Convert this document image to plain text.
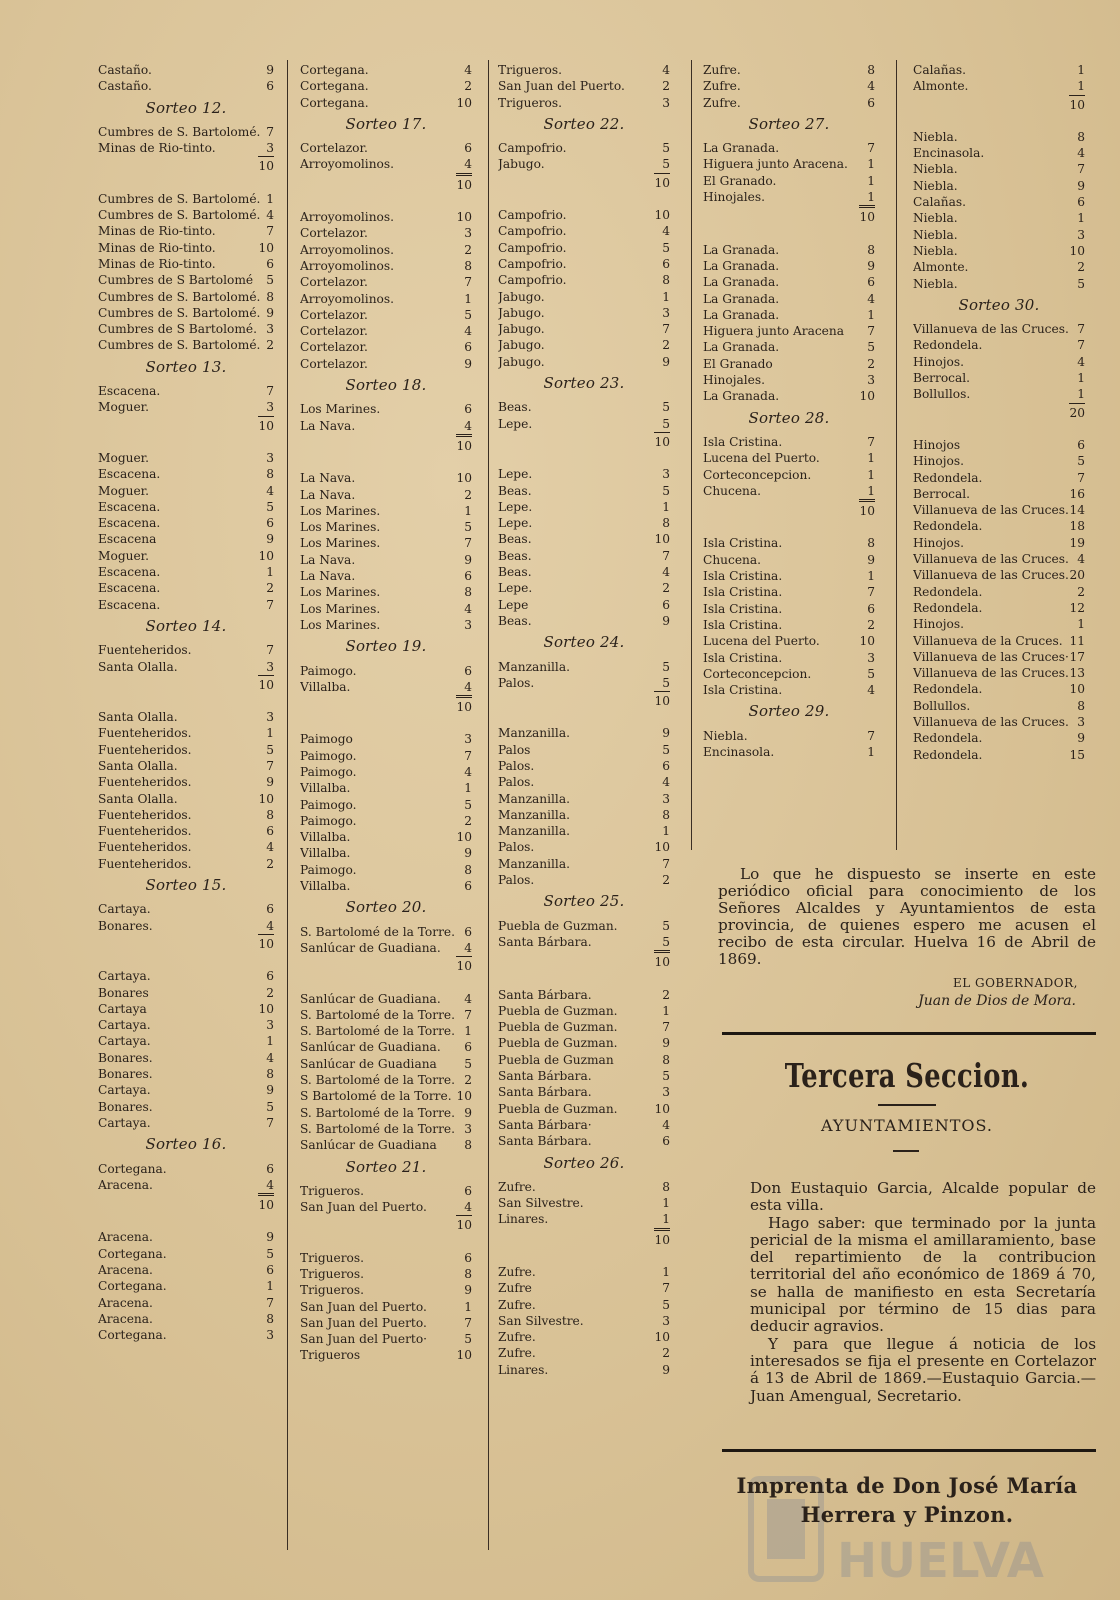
Castaño.	9
Castaño.	6
Sorteo 12.
Cumbres de S. Bartolomé. 7
Minas de Rio-tinto.	3
10
Cumbres de S. Bartolomé. 1
Cumbres de S. Bartolomé. 4
Minas de Rio-tinto.	7
Minas de Rio-tinto.	10
Minas de Rio-tinto.	6
Cumbres de S Bartolomé 5
Cumbres de S. Bartolomé. 8
Cumbres de S. Bartolomé. 9
Cumbres de S Bartolomé. 3
Cumbres de S. Bartolomé. 2
Sorteo 13.
Escacena.	7
Moguer.	3
10
Moguer.	3
Escacena.	8
Moguer.	4
Escacena.	5
Escacena.	6
Escacena	9
Moguer.	10
Escacena.	1
Escacena.	2
Escacena.	7
Sorteo 14.
Fuenteheridos.	7
Santa Olalla.	3
10
Santa Olalla.	3
Fuenteheridos.	1
Fuenteheridos.	5
Santa Olalla.	7
Fuenteheridos.	9
Santa Olalla.	10
Fuenteheridos.	8
Fuenteheridos.	6
Fuenteheridos.	4
Fuenteheridos.	2
Sorteo 15.
Cartaya.	6
Bonares.	4
10
Cartaya.	6
Bonares	2
Cartaya	10
Cartaya.	3
Cartaya.	1
Bonares.	4
Bonares.	8
Cartaya.	9
Bonares.	5
Cartaya.	7
Sorteo 16.
Cortegana.	6
Aracena.	4
10
Aracena.	9
Cortegana.	5
Aracena.	6
Cortegana.	1
Aracena.	7
Aracena.	8
Cortegana.	3
Cortegana.	4
Cortegana.	2
Cortegana.	10
Sorteo 17.
Cortelazor.	6
Arroyomolinos.	4
10
Arroyomolinos.	10
Cortelazor.	3
Arroyomolinos.	2
Arroyomolinos.	8
Cortelazor.	7
Arroyomolinos.	1
Cortelazor.	5
Cortelazor.	4
Cortelazor.	6
Cortelazor.	9
Sorteo 18.
Los Marines.	6
La Nava.	4
10
La Nava.	10
La Nava.	2
Los Marines.	1
Los Marines.	5
Los Marines.	7
La Nava.	9
La Nava.	6
Los Marines.	8
Los Marines.	4
Los Marines.	3
Sorteo 19.
Paimogo.	6
Villalba.	4
10
Paimogo	3
Paimogo.	7
Paimogo.	4
Villalba.	1
Paimogo.	5
Paimogo.	2
Villalba.	10
Villalba.	9
Paimogo.	8
Villalba.	6
Sorteo 20.
S. Bartolomé de la Torre. 6
Sanlúcar de Guadiana. 4
10
Sanlúcar de Guadiana. 4
S. Bartolomé de la Torre. 7
S. Bartolomé de la Torre. 1
Sanlúcar de Guadiana. 6
Sanlúcar de Guadiana 5
S. Bartolomé de la Torre. 2
S Bartolomé de la Torre. 10
S. Bartolomé de la Torre. 9
S. Bartolomé de la Torre. 3
Sanlúcar de Guadiana 8
Sorteo 21.
Trigueros.	6
San Juan del Puerto.	4
10
Trigueros.	6
Trigueros.	8
Trigueros.	9
San Juan del Puerto.	1
San Juan del Puerto.	7
San Juan del Puerto·	5
Trigueros	10
Trigueros.	4
San Juan del Puerto.	2
Trigueros.	3
Sorteo 22.
Campofrio.	5
Jabugo.	5
10
Campofrio.	10
Campofrio.	4
Campofrio.	5
Campofrio.	6
Campofrio.	8
Jabugo.	1
Jabugo.	3
Jabugo.	7
Jabugo.	2
Jabugo.	9
Sorteo 23.
Beas.	5
Lepe.	5
10
Lepe.	3
Beas.	5
Lepe.	1
Lepe.	8
Beas.	10
Beas.	7
Beas.	4
Lepe.	2
Lepe	6
Beas.	9
Sorteo 24.
Manzanilla.	5
Palos.	5
10
Manzanilla.	9
Palos	5
Palos.	6
Palos.	4
Manzanilla.	3
Manzanilla.	8
Manzanilla.	1
Palos.	10
Manzanilla.	7
Palos.	2
Sorteo 25.
Puebla de Guzman.	5
Santa Bárbara.	5
10
Santa Bárbara.	2
Puebla de Guzman.	1
Puebla de Guzman.	7
Puebla de Guzman.	9
Puebla de Guzman	8
Santa Bárbara.	5
Santa Bárbara.	3
Puebla de Guzman.	10
Santa Bárbara·	4
Santa Bárbara.	6
Sorteo 26.
Zufre.	8
San Silvestre.	1
Linares.	1
10
Zufre.	1
Zufre	7
Zufre.	5
San Silvestre.	3
Zufre.	10
Zufre.	2
Linares.	9
Zufre.	8
Zufre.	4
Zufre.	6
Sorteo 27.
La Granada.	7
Higuera junto Aracena. 1
El Granado.	1
Hinojales.	1
10
La Granada.	8
La Granada.	9
La Granada.	6
La Granada.	4
La Granada.	1
Higuera junto Aracena 7
La Granada.	5
El Granado	2
Hinojales.	3
La Granada.	10
Sorteo 28.
Isla Cristina.	7
Lucena del Puerto.	1
Corteconcepcion.	1
Chucena.	1
10
Isla Cristina.	8
Chucena.	9
Isla Cristina.	1
Isla Cristina.	7
Isla Cristina.	6
Isla Cristina.	2
Lucena del Puerto.	10
Isla Cristina.	3
Corteconcepcion.	5
Isla Cristina.	4
Sorteo 29.
Niebla.	7
Encinasola.	1
Calañas.	1
Almonte.	1
10
Niebla.	8
Encinasola.	4
Niebla.	7
Niebla.	9
Calañas.	6
Niebla.	1
Niebla.	3
Niebla.	10
Almonte.	2
Niebla.	5
Sorteo 30.
Villanueva de las Cruces. 7
Redondela.	7
Hinojos.	4
Berrocal.	1
Bollullos.	1
20
Hinojos	6
Hinojos.	5
Redondela.	7
Berrocal.	16
Villanueva de las Cruces. 14
Redondela.	18
Hinojos.	19
Villanueva de las Cruces. 4
Villanueva de las Cruces. 20
Redondela.	2
Redondela.	12
Hinojos.	1
Villanueva de la Cruces. 11
Villanueva de las Cruces· 17
Villanueva de las Cruces. 13
Redondela.	10
Bollullos.	8
Villanueva de las Cruces. 3
Redondela.	9
Redondela.	15

Lo que he dispuesto se inserte en este periódico oficial para conocimiento de los Señores Alcaldes y Ayuntamientos de esta provincia, de quienes espero me acusen el recibo de esta circular. Huelva 16 de Abril de 1869.

EL GOBERNADOR,
Juan de Dios de Mora.
Tercera Seccion.
AYUNTAMIENTOS.

Don Eustaquio Garcia, Alcalde popular de esta villa.

Hago saber: que terminado por la junta pericial de la misma el amillaramiento, base del repartimiento de la contribucion territorial del año económico de 1869 á 70, se halla de manifiesto en esta Secretaría municipal por término de 15 dias para deducir agravios.

Y para que llegue á noticia de los interesados se fija el presente en Cortelazor á 13 de Abril de 1869.—Eustaquio Garcia.—Juan Amengual, Secretario.

HUELVA
Imprenta de Don José María
Herrera y Pinzon.
